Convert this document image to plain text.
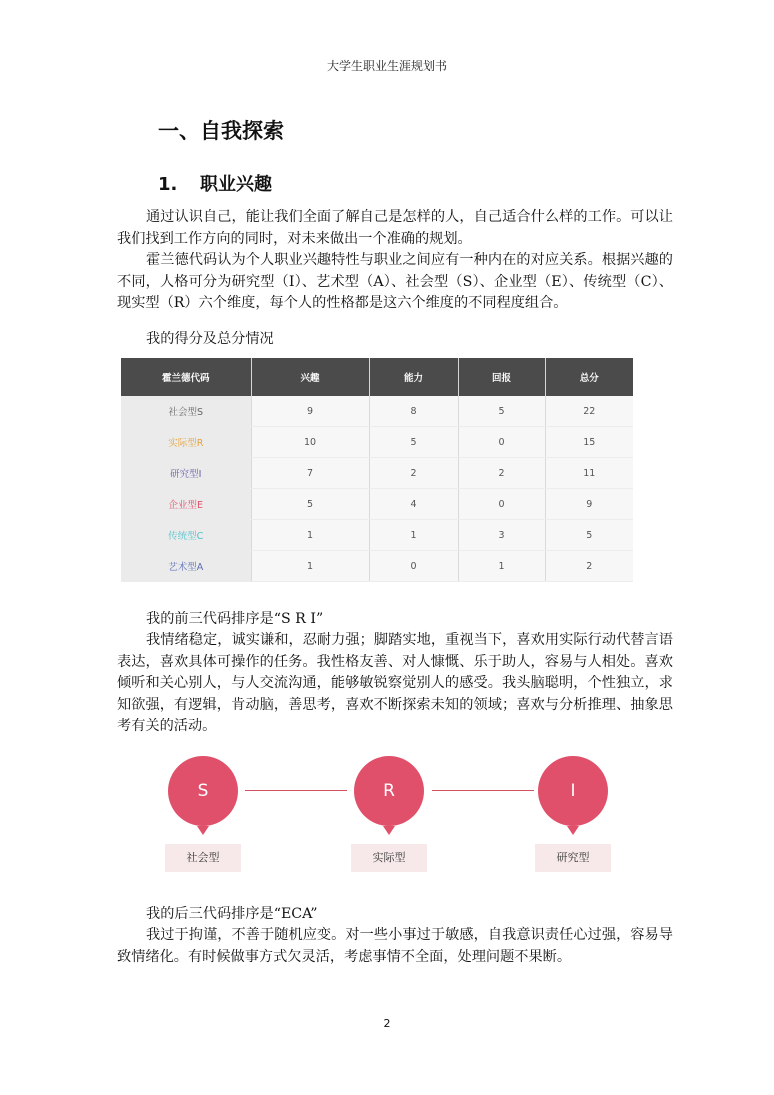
大学生职业生涯规划书
一、自我探索
1. 职业兴趣

通过认识自己，能让我们全面了解自己是怎样的人，自己适合什么样的工作。可以让我们找到工作方向的同时，对未来做出一个准确的规划。

霍兰德代码认为个人职业兴趣特性与职业之间应有一种内在的对应关系。根据兴趣的不同，人格可分为研究型（I）、艺术型（A）、社会型（S）、企业型（E）、传统型（C）、现实型（R）六个维度，每个人的性格都是这六个维度的不同程度组合。

我的得分及总分情况

霍兰德代码	兴趣	能力	回报	总分
社会型S	9	8	5	22
实际型R	10	5	0	15
研究型I	7	2	2	11
企业型E	5	4	0	9
传统型C	1	1	3	5
艺术型A	1	0	1	2

我的前三代码排序是“S R I”

我情绪稳定，诚实谦和，忍耐力强；脚踏实地，重视当下，喜欢用实际行动代替言语表达，喜欢具体可操作的任务。我性格友善、对人慷慨、乐于助人，容易与人相处。喜欢倾听和关心别人，与人交流沟通，能够敏锐察觉别人的感受。我头脑聪明，个性独立，求知欲强，有逻辑，肯动脑，善思考，喜欢不断探索未知的领域；喜欢与分析推理、抽象思考有关的活动。

S
社会型
R
实际型
I
研究型

我的后三代码排序是“ECA”

我过于拘谨，不善于随机应变。对一些小事过于敏感，自我意识责任心过强，容易导致情绪化。有时候做事方式欠灵活，考虑事情不全面，处理问题不果断。

2
